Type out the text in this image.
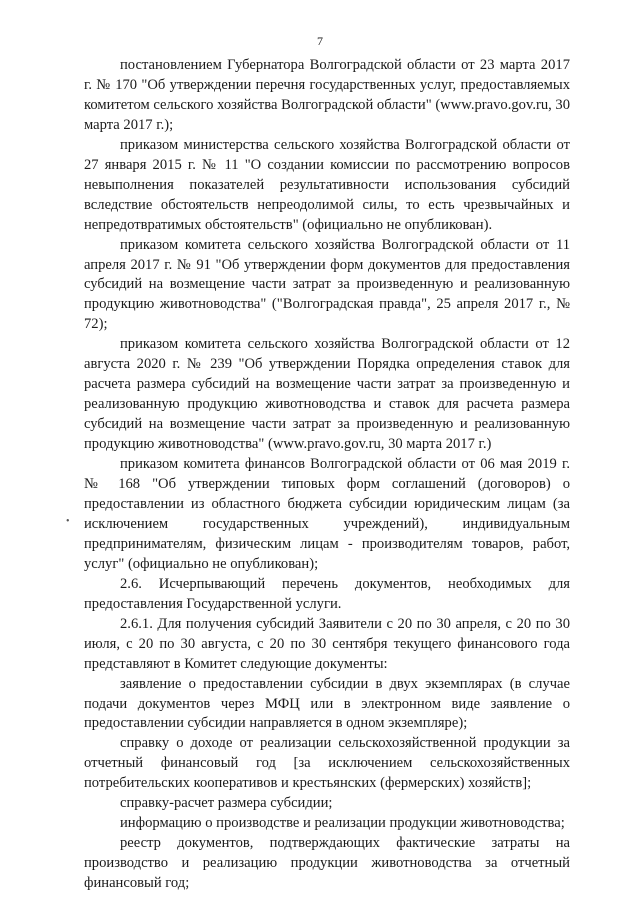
7
•

постановлением Губернатора Волгоградской области от 23 марта 2017 г. № 170 "Об утверждении перечня государственных услуг, предоставляемых комитетом сельского хозяйства Волгоградской области" (www.pravo.gov.ru, 30 марта 2017 г.);

приказом министерства сельского хозяйства Волгоградской области от 27 января 2015 г. № 11 "О создании комиссии по рассмотрению вопросов невыполнения показателей результативности использования субсидий вследствие обстоятельств непреодолимой силы, то есть чрезвычайных и непредотвратимых обстоятельств" (официально не опубликован).

приказом комитета сельского хозяйства Волгоградской области от 11 апреля 2017 г. № 91 "Об утверждении форм документов для предоставления субсидий на возмещение части затрат за произведенную и реализованную продукцию животноводства" ("Волгоградская правда", 25 апреля 2017 г., № 72);

приказом комитета сельского хозяйства Волгоградской области от 12 августа 2020 г. № 239 "Об утверждении Порядка определения ставок для расчета размера субсидий на возмещение части затрат за произведенную и реализованную продукцию животноводства и ставок для расчета размера субсидий на возмещение части затрат за произведенную и реализованную продукцию животноводства" (www.pravo.gov.ru, 30 марта 2017 г.)

приказом комитета финансов Волгоградской области от 06 мая 2019 г. № 168 "Об утверждении типовых форм соглашений (договоров) о предоставлении из областного бюджета субсидии юридическим лицам (за исключением государственных учреждений), индивидуальным предпринимателям, физическим лицам - производителям товаров, работ, услуг" (официально не опубликован);

2.6. Исчерпывающий перечень документов, необходимых для предоставления Государственной услуги.

2.6.1. Для получения субсидий Заявители с 20 по 30 апреля, с 20 по 30 июля, с 20 по 30 августа, с 20 по 30 сентября текущего финансового года представляют в Комитет следующие документы:

заявление о предоставлении субсидии в двух экземплярах (в случае подачи документов через МФЦ или в электронном виде заявление о предоставлении субсидии направляется в одном экземпляре);

справку о доходе от реализации сельскохозяйственной продукции за отчетный финансовый год [за исключением сельскохозяйственных потребительских кооперативов и крестьянских (фермерских) хозяйств];

справку-расчет размера субсидии;

информацию о производстве и реализации продукции животноводства;

реестр документов, подтверждающих фактические затраты на производство и реализацию продукции животноводства за отчетный финансовый год;
